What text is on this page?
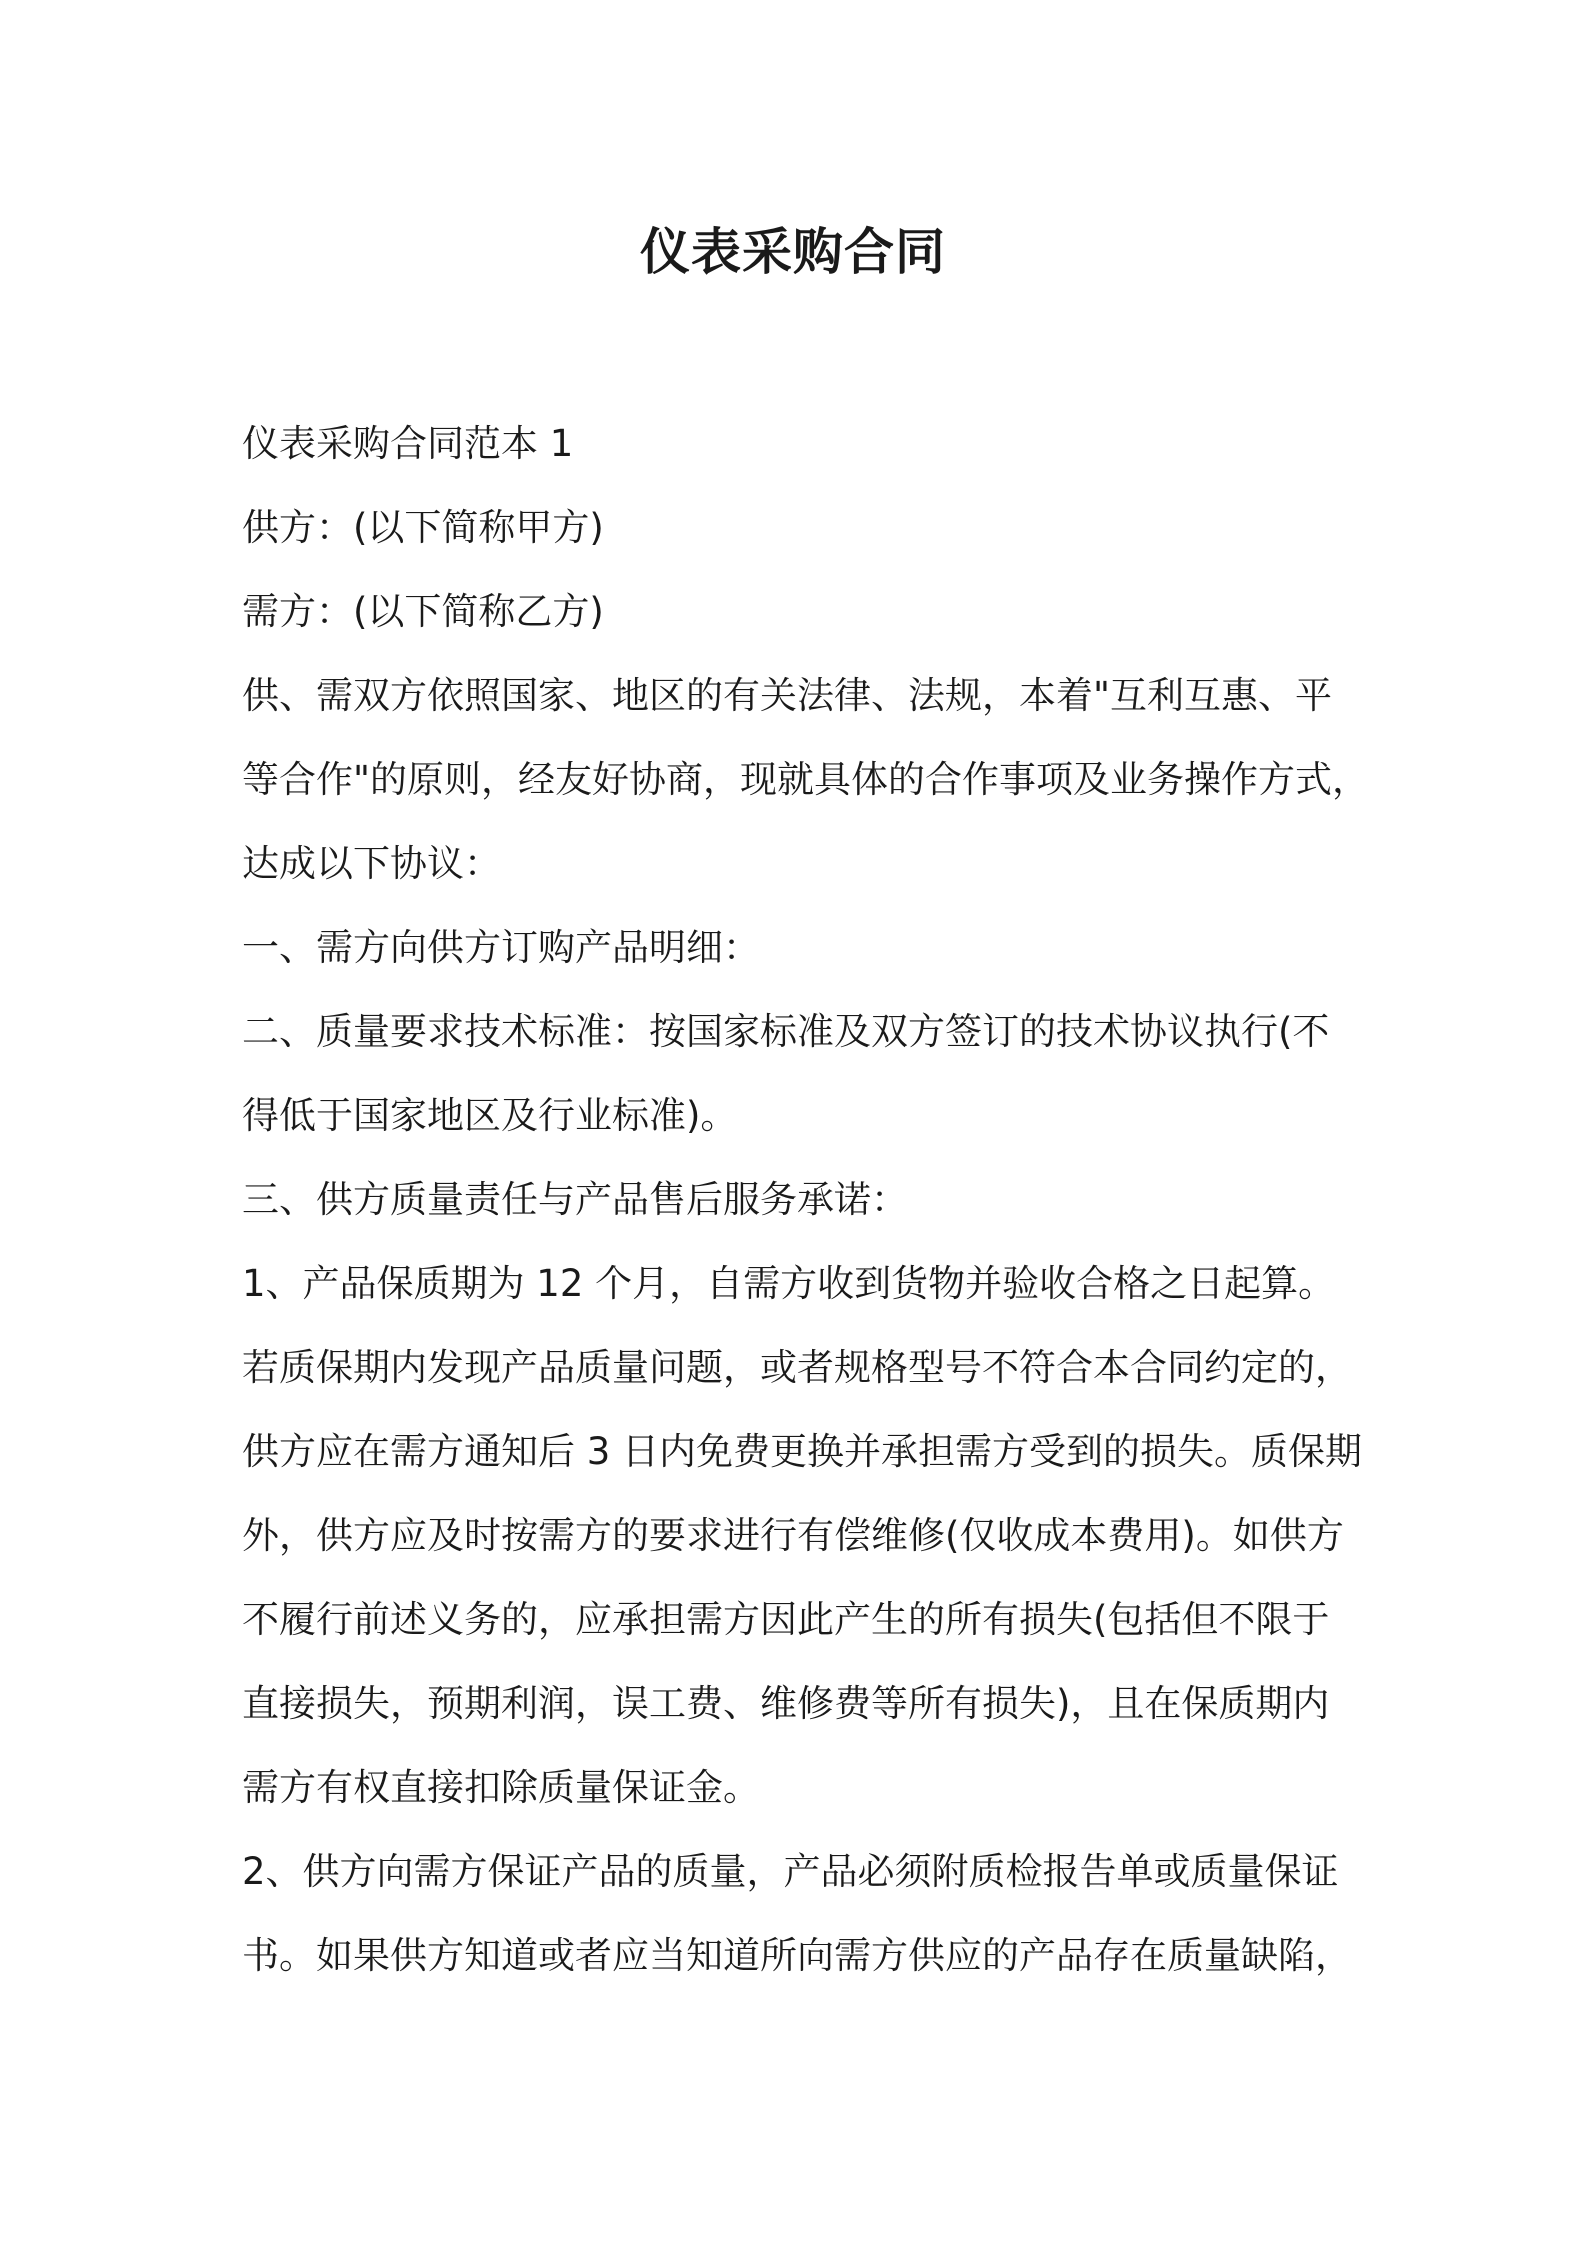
仪表采购合同

仪表采购合同范本 1

供方：(以下简称甲方)

需方：(以下简称乙方)

供、需双方依照国家、地区的有关法律、法规，本着"互利互惠、平

等合作"的原则，经友好协商，现就具体的合作事项及业务操作方式，

达成以下协议：

一、需方向供方订购产品明细：

二、质量要求技术标准：按国家标准及双方签订的技术协议执行(不

得低于国家地区及行业标准)。

三、供方质量责任与产品售后服务承诺：

1、产品保质期为 12 个月，自需方收到货物并验收合格之日起算。

若质保期内发现产品质量问题，或者规格型号不符合本合同约定的，

供方应在需方通知后 3 日内免费更换并承担需方受到的损失。质保期

外，供方应及时按需方的要求进行有偿维修(仅收成本费用)。如供方

不履行前述义务的，应承担需方因此产生的所有损失(包括但不限于

直接损失，预期利润，误工费、维修费等所有损失)，且在保质期内

需方有权直接扣除质量保证金。

2、供方向需方保证产品的质量，产品必须附质检报告单或质量保证

书。如果供方知道或者应当知道所向需方供应的产品存在质量缺陷，
